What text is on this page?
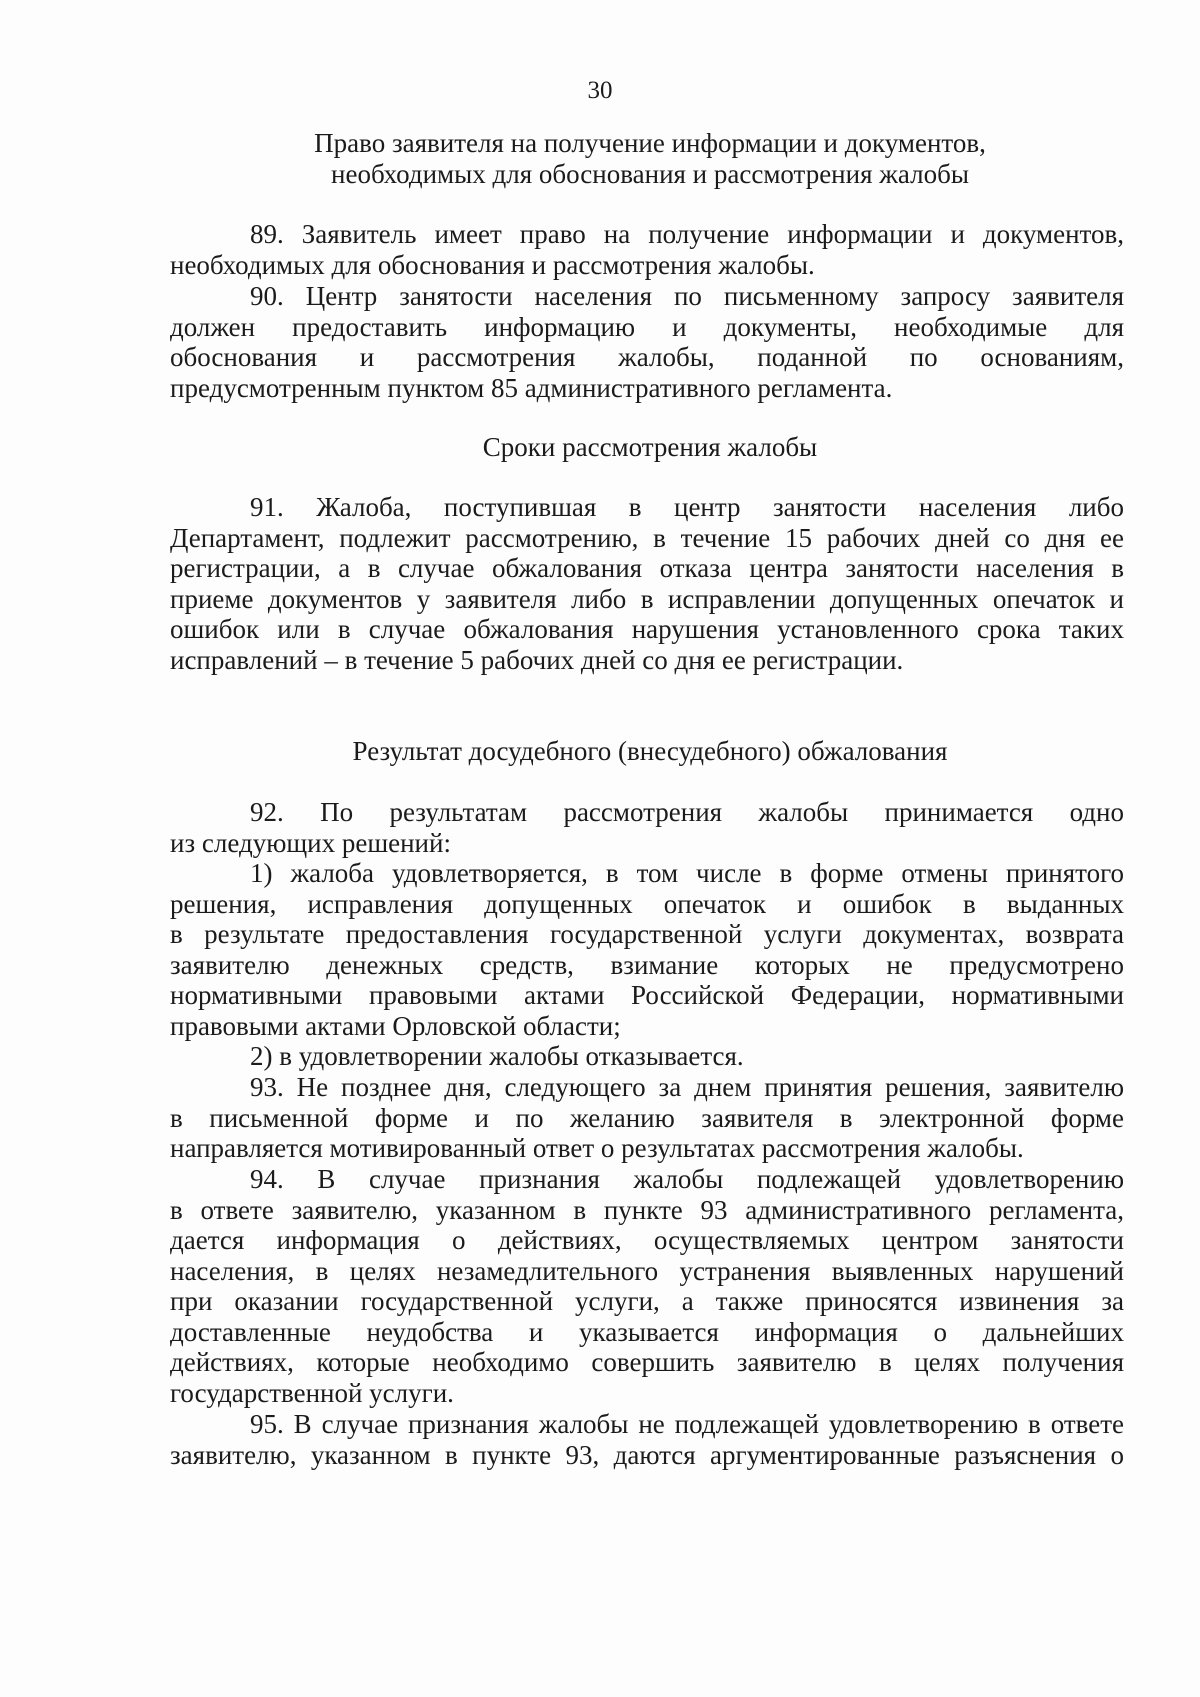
30
Право заявителя на получение информации и документов,
необходимых для обоснования и рассмотрения жалобы
89. Заявитель имеет право на получение информации и документов,
необходимых для обоснования и рассмотрения жалобы.
90. Центр занятости населения по письменному запросу заявителя
должен предоставить информацию и документы, необходимые для
обоснования и рассмотрения жалобы, поданной по основаниям,
предусмотренным пунктом 85 административного регламента.
Сроки рассмотрения жалобы
91. Жалоба, поступившая в центр занятости населения либо
Департамент, подлежит рассмотрению, в течение 15 рабочих дней со дня ее
регистрации, а в случае обжалования отказа центра занятости населения в
приеме документов у заявителя либо в исправлении допущенных опечаток и
ошибок или в случае обжалования нарушения установленного срока таких
исправлений – в течение 5 рабочих дней со дня ее регистрации.
Результат досудебного (внесудебного) обжалования
92. По результатам рассмотрения жалобы принимается одно
из следующих решений:
1) жалоба удовлетворяется, в том числе в форме отмены принятого
решения, исправления допущенных опечаток и ошибок в выданных
в результате предоставления государственной услуги документах, возврата
заявителю денежных средств, взимание которых не предусмотрено
нормативными правовыми актами Российской Федерации, нормативными
правовыми актами Орловской области;
2) в удовлетворении жалобы отказывается.
93. Не позднее дня, следующего за днем принятия решения, заявителю
в письменной форме и по желанию заявителя в электронной форме
направляется мотивированный ответ о результатах рассмотрения жалобы.
94. В случае признания жалобы подлежащей удовлетворению
в ответе заявителю, указанном в пункте 93 административного регламента,
дается информация о действиях, осуществляемых центром занятости
населения, в целях незамедлительного устранения выявленных нарушений
при оказании государственной услуги, а также приносятся извинения за
доставленные неудобства и указывается информация о дальнейших
действиях, которые необходимо совершить заявителю в целях получения
государственной услуги.
95. В случае признания жалобы не подлежащей удовлетворению в ответе
заявителю, указанном в пункте 93, даются аргументированные разъяснения о
